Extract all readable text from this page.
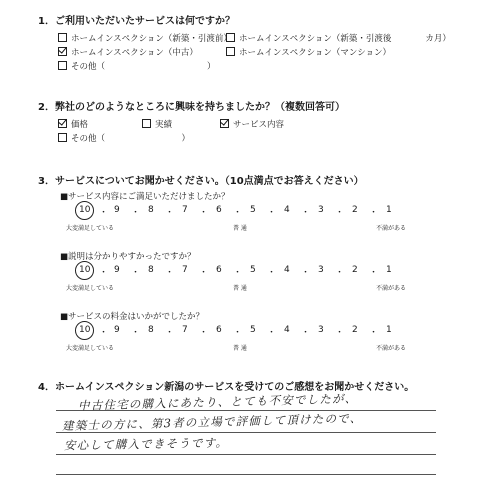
1．ご利用いただいたサービスは何ですか？
ホームインスペクション（新築・引渡前） ホームインスペクション（新築・引渡後　　　　カ月）
ホームインスペクション（中古）	ホームインスペクション（マンション）
その他（　　　　　　　　　　　　）
2．弊社のどのようなところに興味を持ちましたか？（複数回答可）
価格	実績	サービス内容
その他（　　　　　　　　　）
3．サービスについてお聞かせください。（10点満点でお答えください）
■サービス内容にご満足いただけましたか？
10 ・ 9 ・ 8 ・ 7 ・ 6 ・ 5 ・ 4 ・ 3 ・ 2 ・ 1
大変満足している	普 通	不満がある
■説明は分かりやすかったですか？
10 ・ 9 ・ 8 ・ 7 ・ 6 ・ 5 ・ 4 ・ 3 ・ 2 ・ 1
大変満足している	普 通	不満がある
■サービスの料金はいかがでしたか？
10 ・ 9 ・ 8 ・ 7 ・ 6 ・ 5 ・ 4 ・ 3 ・ 2 ・ 1
大変満足している	普 通	不満がある
4．ホームインスペクション新潟のサービスを受けてのご感想をお聞かせください。
中古住宅の購入にあたり、とても不安でしたが、
建築士の方に、第3者の立場で評価して頂けたので、
安心して購入できそうです。
